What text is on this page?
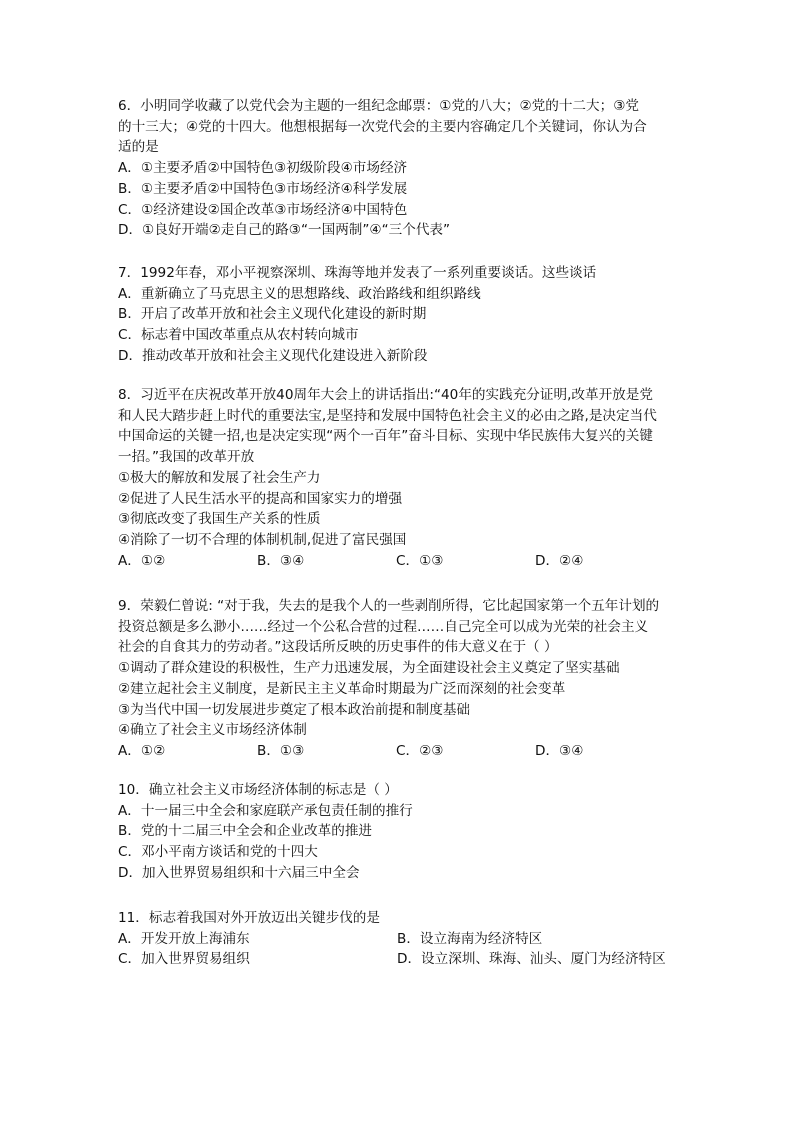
6．小明同学收藏了以党代会为主题的一组纪念邮票：①党的八大；②党的十二大；③党

的十三大；④党的十四大。他想根据每一次党代会的主要内容确定几个关键词，你认为合

适的是

A．①主要矛盾②中国特色③初级阶段④市场经济

B．①主要矛盾②中国特色③市场经济④科学发展

C．①经济建设②国企改革③市场经济④中国特色

D．①良好开端②走自己的路③“一国两制”④“三个代表”

7．1992年春，邓小平视察深圳、珠海等地并发表了一系列重要谈话。这些谈话

A．重新确立了马克思主义的思想路线、政治路线和组织路线

B．开启了改革开放和社会主义现代化建设的新时期

C．标志着中国改革重点从农村转向城市

D．推动改革开放和社会主义现代化建设进入新阶段

8．习近平在庆祝改革开放40周年大会上的讲话指出:“40年的实践充分证明,改革开放是党

和人民大踏步赶上时代的重要法宝,是坚持和发展中国特色社会主义的必由之路,是决定当代

中国命运的关键一招,也是决定实现“两个一百年”奋斗目标、实现中华民族伟大复兴的关键

一招。”我国的改革开放

①极大的解放和发展了社会生产力

②促进了人民生活水平的提高和国家实力的增强

③彻底改变了我国生产关系的性质

④消除了一切不合理的体制机制,促进了富民强国

A．①②	B．③④	C．①③	D．②④

9．荣毅仁曾说: “对于我，失去的是我个人的一些剥削所得，它比起国家第一个五年计划的

投资总额是多么渺小……经过一个公私合营的过程……自己完全可以成为光荣的社会主义

社会的自食其力的劳动者。”这段话所反映的历史事件的伟大意义在于（ ）

①调动了群众建设的积极性，生产力迅速发展，为全面建设社会主义奠定了坚实基础

②建立起社会主义制度，是新民主主义革命时期最为广泛而深刻的社会变革

③为当代中国一切发展进步奠定了根本政治前提和制度基础

④确立了社会主义市场经济体制

A．①②	B．①③	C．②③	D．③④

10．确立社会主义市场经济体制的标志是（ ）

A．十一届三中全会和家庭联产承包责任制的推行

B．党的十二届三中全会和企业改革的推进

C．邓小平南方谈话和党的十四大

D．加入世界贸易组织和十六届三中全会

11．标志着我国对外开放迈出关键步伐的是

A．开发开放上海浦东	B．设立海南为经济特区
C．加入世界贸易组织	D．设立深圳、珠海、汕头、厦门为经济特区
